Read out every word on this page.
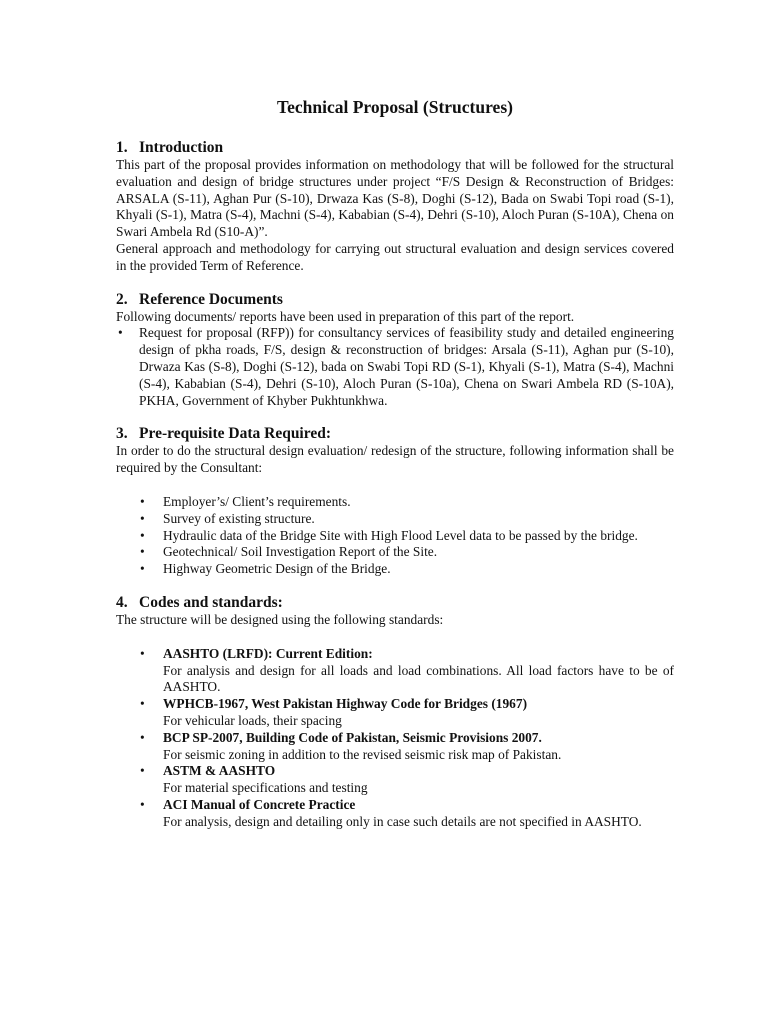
Technical Proposal (Structures)
1. Introduction

This part of the proposal provides information on methodology that will be followed for the structural evaluation and design of bridge structures under project “F/S Design & Reconstruction of Bridges: ARSALA (S-11), Aghan Pur (S-10), Drwaza Kas (S-8), Doghi (S-12), Bada on Swabi Topi road (S-1), Khyali (S-1), Matra (S-4), Machni (S-4), Kababian (S-4), Dehri (S-10), Aloch Puran (S-10A), Chena on Swari Ambela Rd (S10-A)”.

General approach and methodology for carrying out structural evaluation and design services covered in the provided Term of Reference.

2. Reference Documents

Following documents/ reports have been used in preparation of this part of the report.

• Request for proposal (RFP)) for consultancy services of feasibility study and detailed engineering design of pkha roads, F/S, design & reconstruction of bridges: Arsala (S-11), Aghan pur (S-10), Drwaza Kas (S-8), Doghi (S-12), bada on Swabi Topi RD (S-1), Khyali (S-1), Matra (S-4), Machni (S-4), Kababian (S-4), Dehri (S-10), Aloch Puran (S-10a), Chena on Swari Ambela RD (S-10A), PKHA, Government of Khyber Pukhtunkhwa.
3. Pre-requisite Data Required:

In order to do the structural design evaluation/ redesign of the structure, following information shall be required by the Consultant:

• Employer’s/ Client’s requirements.
• Survey of existing structure.
• Hydraulic data of the Bridge Site with High Flood Level data to be passed by the bridge.
• Geotechnical/ Soil Investigation Report of the Site.
• Highway Geometric Design of the Bridge.
4. Codes and standards:

The structure will be designed using the following standards:

• AASHTO (LRFD): Current Edition:
For analysis and design for all loads and load combinations. All load factors have to be of AASHTO.
• WPHCB-1967, West Pakistan Highway Code for Bridges (1967)
For vehicular loads, their spacing
• BCP SP-2007, Building Code of Pakistan, Seismic Provisions 2007.
For seismic zoning in addition to the revised seismic risk map of Pakistan.
• ASTM & AASHTO
For material specifications and testing
• ACI Manual of Concrete Practice
For analysis, design and detailing only in case such details are not specified in AASHTO.
